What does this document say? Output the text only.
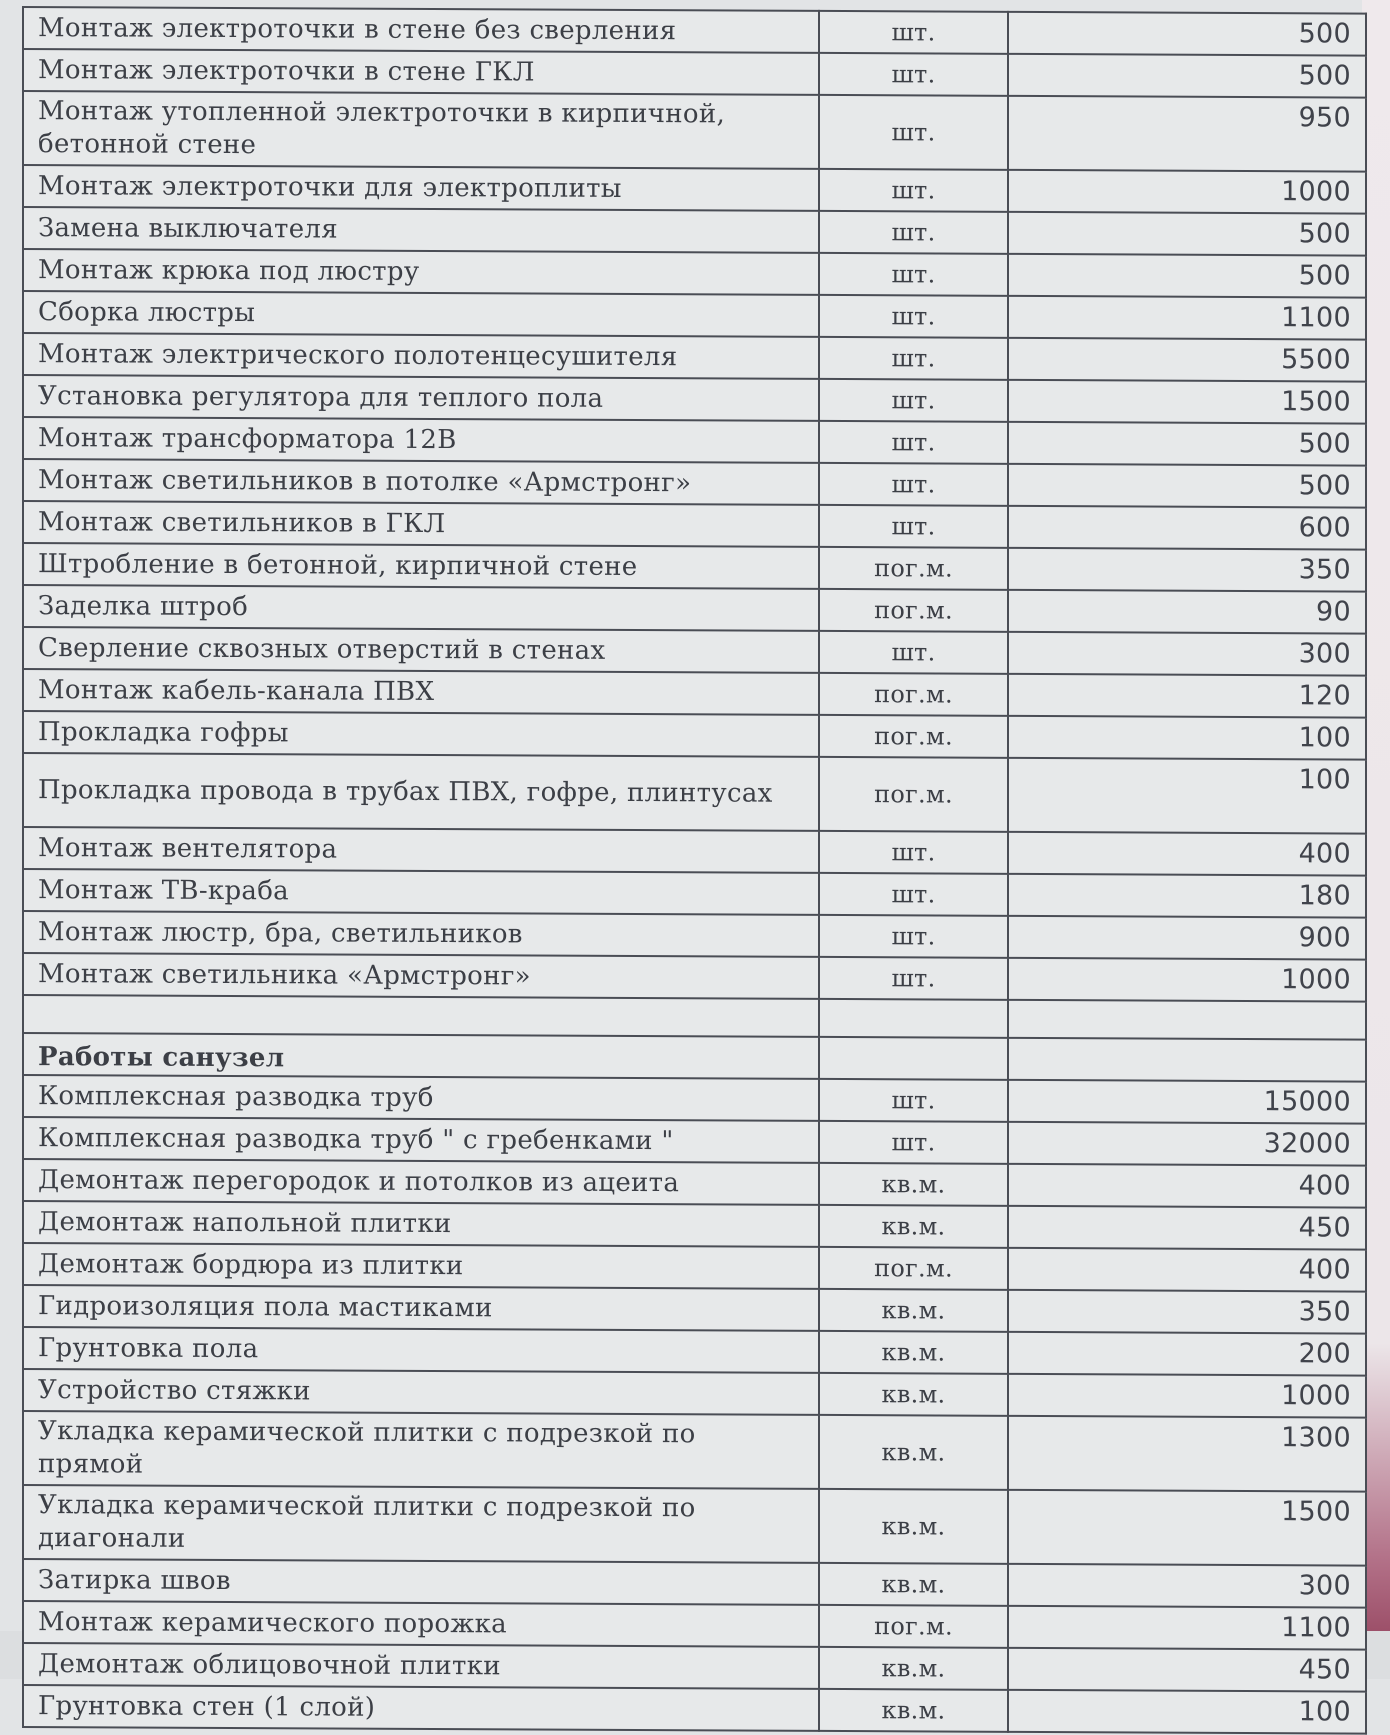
Монтаж электроточки в стене без сверления	шт.	500
Монтаж электроточки в стене ГКЛ	шт.	500
Монтаж утопленной электроточки в кирпичной, бетонной стене	шт.	950
Монтаж электроточки для электроплиты	шт.	1000
Замена выключателя	шт.	500
Монтаж крюка под люстру	шт.	500
Сборка люстры	шт.	1100
Монтаж электрического полотенцесушителя	шт.	5500
Установка регулятора для теплого пола	шт.	1500
Монтаж трансформатора 12В	шт.	500
Монтаж светильников в потолке «Армстронг»	шт.	500
Монтаж светильников в ГКЛ	шт.	600
Штробление в бетонной, кирпичной стене	пог.м.	350
Заделка штроб	пог.м.	90
Сверление сквозных отверстий в стенах	шт.	300
Монтаж кабель-канала ПВХ	пог.м.	120
Прокладка гофры	пог.м.	100
Прокладка провода в трубах ПВХ, гофре, плинтусах	пог.м.	100
Монтаж вентелятора	шт.	400
Монтаж ТВ-краба	шт.	180
Монтаж люстр, бра, светильников	шт.	900
Монтаж светильника «Армстронг»	шт.	1000

Работы санузел		
Комплексная разводка труб	шт.	15000
Комплексная разводка труб " с гребенками "	шт.	32000
Демонтаж перегородок и потолков из ацеита	кв.м.	400
Демонтаж напольной плитки	кв.м.	450
Демонтаж бордюра из плитки	пог.м.	400
Гидроизоляция пола мастиками	кв.м.	350
Грунтовка пола	кв.м.	200
Устройство стяжки	кв.м.	1000
Укладка керамической плитки с подрезкой по прямой	кв.м.	1300
Укладка керамической плитки с подрезкой по диагонали	кв.м.	1500
Затирка швов	кв.м.	300
Монтаж керамического порожка	пог.м.	1100
Демонтаж облицовочной плитки	кв.м.	450
Грунтовка стен (1 слой)	кв.м.	100
